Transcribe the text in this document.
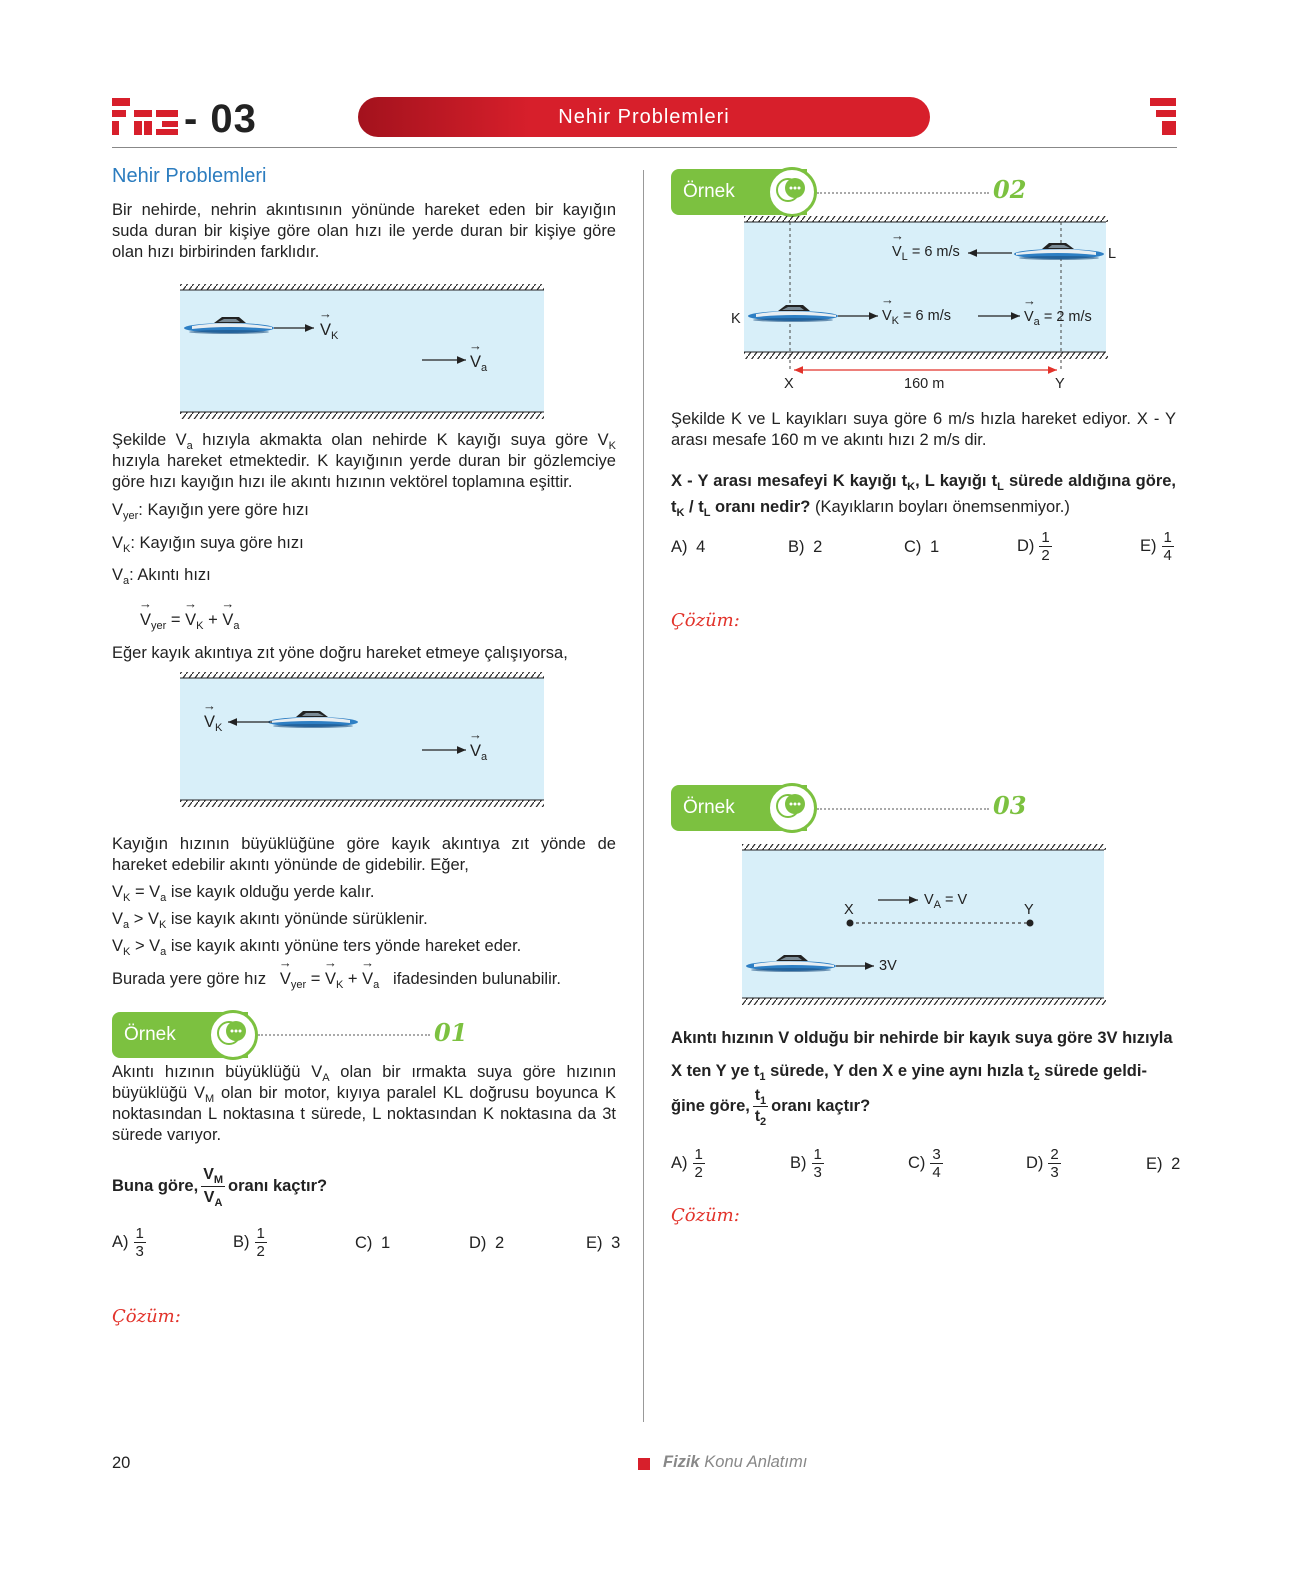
- 03	Nehir Problemleri
Nehir Problemleri
Bir nehirde, nehrin akıntısının yönünde hareket eden bir kayığın suda duran bir kişiye göre olan hızı ile yerde duran bir kişiye göre olan hızı birbirinden farklıdır.
→ $V_K$
→ $V_a$
Şekilde $V_a$ hızıyla akmakta olan nehirde K kayığı suya göre $V_K$ hızıyla hareket etmektedir. K kayığının yerde duran bir gözlemciye göre hızı kayığın hızı ile akıntı hızının vektörel toplamına eşittir.
$V_{yer}$: Kayığın yere göre hızı
$V_K$: Kayığın suya göre hızı
$V_a$: Akıntı hızı
→ $V_{yer}$ = → $V_K$ + → $V_a$
Eğer kayık akıntıya zıt yöne doğru hareket etmeye çalışıyorsa,
→ $V_K$
→ $V_a$
Kayığın hızının büyüklüğüne göre kayık akıntıya zıt yönde de hareket edebilir akıntı yönünde de gidebilir. Eğer,
$V_K = V_a$ ise kayık olduğu yerde kalır.
$V_a > V_K$ ise kayık akıntı yönünde sürüklenir.
$V_K > V_a$ ise kayık akıntı yönüne ters yönde hareket eder.
Burada yere göre hız → $V_{yer}$ = → $V_K$ + → $V_a$ ifadesinden bulunabilir.
Örnek	01
Akıntı hızının büyüklüğü $V_A$ olan bir ırmakta suya göre hızının büyüklüğü $V_M$ olan bir motor, kıyıya paralel KL doğrusu boyunca K noktasından L noktasına t sürede, L noktasından K noktasına da 3t sürede varıyor.
Buna göre, $\frac{V_M}{V_A}$ oranı kaçtır?
$A) \frac{1}{3}$	$B) \frac{1}{2}$	C)
1	D)
2	E)
3
Çözüm:
Örnek	02
→ $V_L = 6$ m/s	L
K	→ $V_K = 6$ m/s	→ $V_a = 2$ m/s
X	160 m	Y
Şekilde K ve L kayıkları suya göre 6 m/s hızla hareket ediyor. X - Y arası mesafe 160 m ve akıntı hızı 2 m/s dir.
X - Y arası mesafeyi K kayığı $t_K$, L kayığı $t_L$ sürede aldığına göre, $t_K / t_L$ oranı nedir? (Kayıkların boyları önemsenmiyor.)
A)
4	B)
2	C)
1	$D) \frac{1}{2}$	$E) \frac{1}{4}$
Çözüm:
Örnek	03
$V_A = V$
X	Y
3V
Akıntı hızının V olduğu bir nehirde bir kayık suya göre 3V hızıyla
X ten Y ye $t_1$ sürede, Y den X e yine aynı hızla $t_2$ sürede geldi-
ğine göre, $\frac{t_1}{t_2}$ oranı kaçtır?
$A) \frac{1}{2}$	$B) \frac{1}{3}$	$C) \frac{3}{4}$	$D) \frac{2}{3}$	E)
2
Çözüm:
20	Fizik Konu Anlatımı
